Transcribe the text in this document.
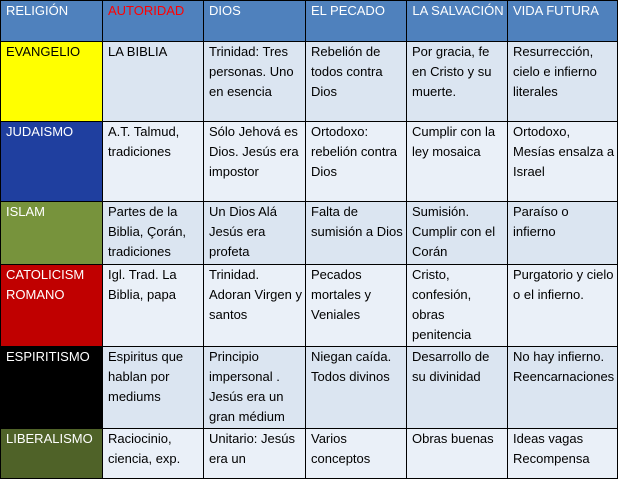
RELIGIÓN	AUTORIDAD	DIOS	EL PECADO	LA SALVACIÓN	VIDA FUTURA
EVANGELIO	LA BIBLIA	Trinidad: Tres personas. Uno en esencia	Rebelión de todos contra Dios	Por gracia, fe en Cristo y su muerte.	Resurrección, cielo e infierno literales
JUDAISMO	A.T. Talmud, tradiciones	Sólo Jehová es Dios. Jesús era impostor	Ortodoxo: rebelión contra Dios	Cumplir con la ley mosaica	Ortodoxo, Mesías ensalza a Israel
ISLAM	Partes de la Biblia, Çorán, tradiciones	Un Dios Alá Jesús era profeta	Falta de sumisión a Dios	Sumisión. Cumplir con el Corán	Paraíso o infierno
CATOLICISM ROMANO	Igl. Trad. La Biblia, papa	Trinidad. Adoran Virgen y santos	Pecados mortales y Veniales	Cristo, confesión, obras penitencia	Purgatorio y cielo o el infierno.
ESPIRITISMO	Espiritus que hablan por mediums	Principio impersonal . Jesús era un gran médium	Niegan caída. Todos divinos	Desarrollo de su divinidad	No hay infierno. Reencarnaciones
LIBERALISMO	Raciocinio, ciencia, exp.	Unitario: Jesús era un	Varios conceptos	Obras buenas	Ideas vagas Recompensa
